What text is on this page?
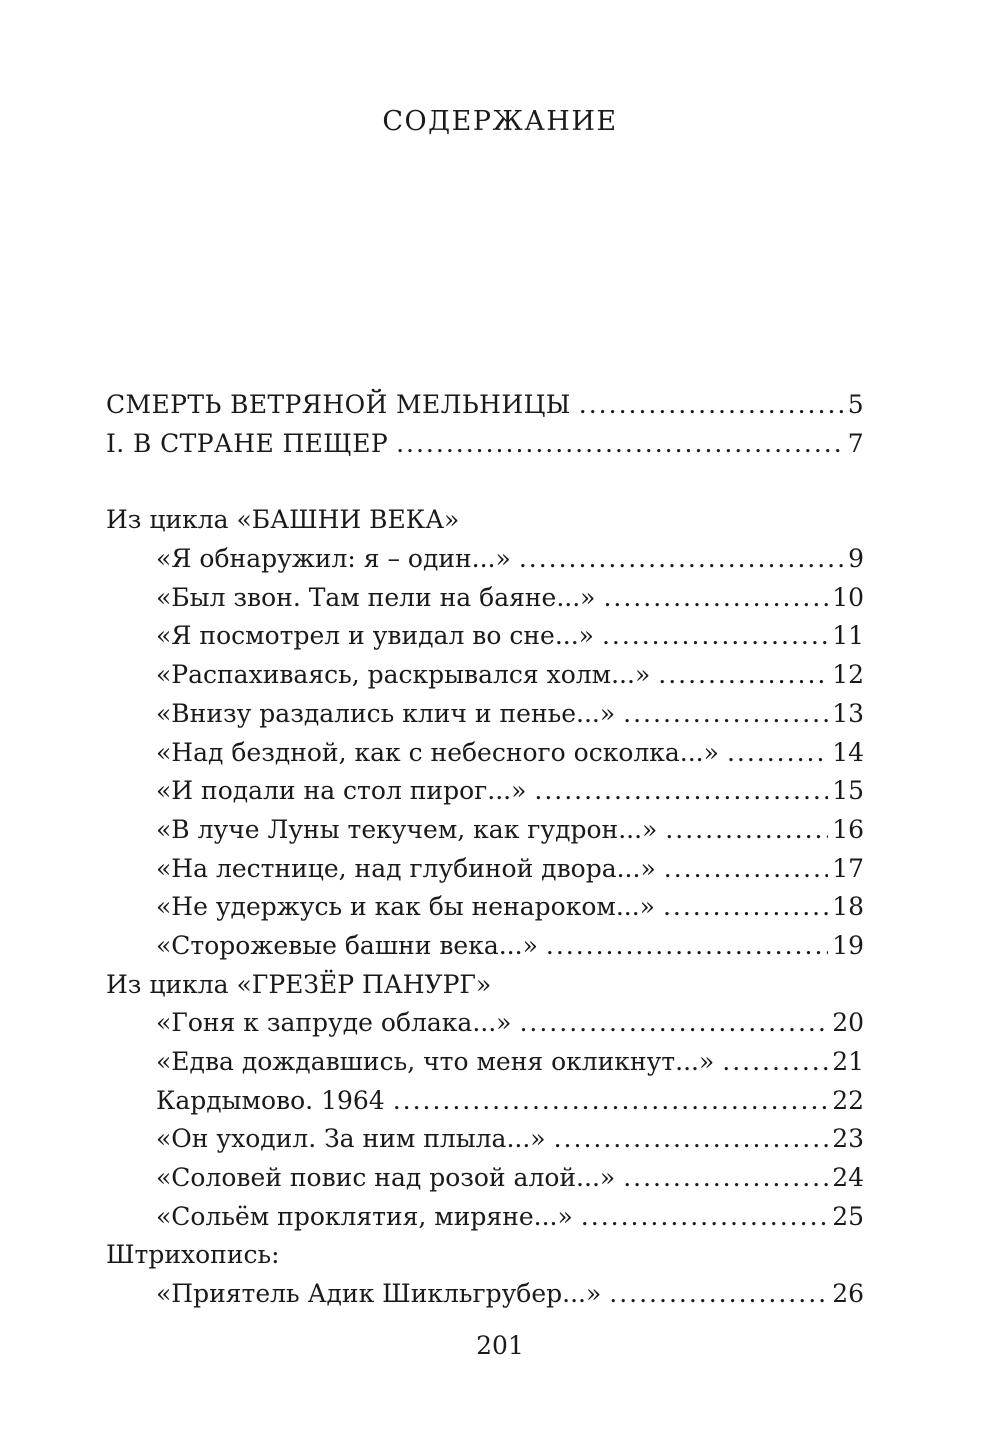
СОДЕРЖАНИЕ
СМЕРТЬ ВЕТРЯНОЙ МЕЛЬНИЦЫ .....	5
I. В СТРАНЕ ПЕЩЕР .....	7
Из цикла «БАШНИ ВЕКА»
«Я обнаружил: я – один...» .....	9
«Был звон. Там пели на баяне...» .....	10
«Я посмотрел и увидал во сне...» .....	11
«Распахиваясь, раскрывался холм...» .....	12
«Внизу раздались клич и пенье...» .....	13
«Над бездной, как с небесного осколка...» .....	14
«И подали на стол пирог...» .....	15
«В луче Луны текучем, как гудрон...» .....	16
«На лестнице, над глубиной двора...» .....	17
«Не удержусь и как бы ненароком...» .....	18
«Сторожевые башни века...» .....	19
Из цикла «ГРЕЗЁР ПАНУРГ»
«Гоня к запруде облака...» .....	20
«Едва дождавшись, что меня окликнут...» .....	21
Кардымово. 1964 .....	22
«Он уходил. За ним плыла...» .....	23
«Соловей повис над розой алой...» .....	24
«Сольём проклятия, миряне...» .....	25
Штрихопись:
«Приятель Адик Шикльгрубер...» .....	26
201
